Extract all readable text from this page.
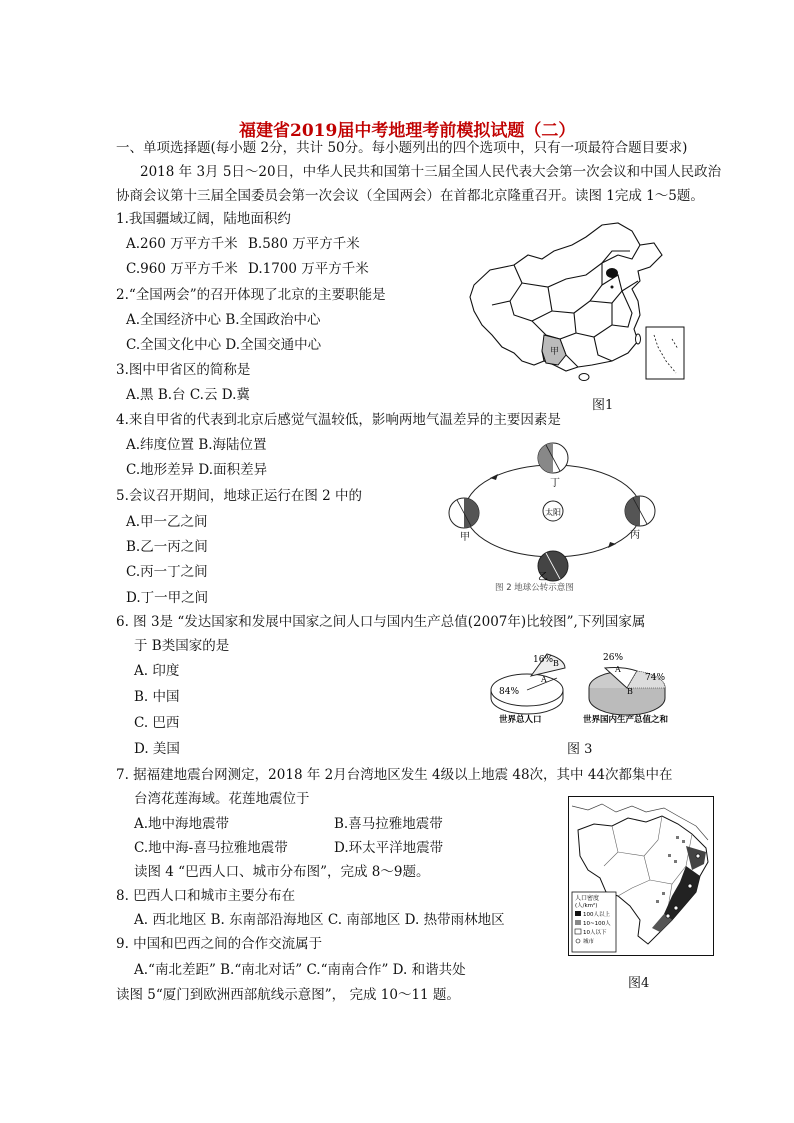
福建省2019届中考地理考前模拟试题（二）
一、单项选择题(每小题 2分，共计 50分。每小题列出的四个选项中，只有一项最符合题目要求)
2018 年 3月 5日～20日，中华人民共和国第十三届全国人民代表大会第一次会议和中国人民政治
协商会议第十三届全国委员会第一次会议（全国两会）在首都北京隆重召开。读图 1完成 1～5题。
1.我国疆域辽阔，陆地面积约
A.260 万平方千米 B.580 万平方千米
C.960 万平方千米 D.1700 万平方千米
2.“全国两会”的召开体现了北京的主要职能是
A.全国经济中心 B.全国政治中心
C.全国文化中心 D.全国交通中心
3.图中甲省区的简称是
A.黑 B.台 C.云 D.冀
4.来自甲省的代表到北京后感觉气温较低，影响两地气温差异的主要因素是
A.纬度位置 B.海陆位置
C.地形差异 D.面积差异
5.会议召开期间，地球正运行在图 2 中的
A.甲一乙之间
B.乙一丙之间
C.丙一丁之间
D.丁一甲之间
6. 图 3是 “发达国家和发展中国家之间人口与国内生产总值(2007年)比较图”,下列国家属
于 B类国家的是
A. 印度
B. 中国
C. 巴西
D. 美国
7. 据福建地震台网测定，2018 年 2月台湾地区发生 4级以上地震 48次，其中 44次都集中在
台湾花莲海域。花莲地震位于
A.地中海地震带	B.喜马拉雅地震带
C.地中海-喜马拉雅地震带	D.环太平洋地震带
读图 4 “巴西人口、城市分布图”，完成 8～9题。
8. 巴西人口和城市主要分布在
A. 西北地区 B. 东南部沿海地区 C. 南部地区 D. 热带雨林地区
9. 中国和巴西之间的合作交流属于
A.“南北差距” B.“南北对话” C.“南南合作” D. 和谐共处
读图 5“厦门到欧洲西部航线示意图”， 完成 10～11 题。
甲
图1
太阳
丁
甲	丙
乙
图 2 地球公转示意图
84%
16% B
A
世界总人口
26%
74%
A
B
世界国内生产总值之和
图 3
人口密度
(人/km²)
100人以上
10~100人
10人以下
城市
图4
